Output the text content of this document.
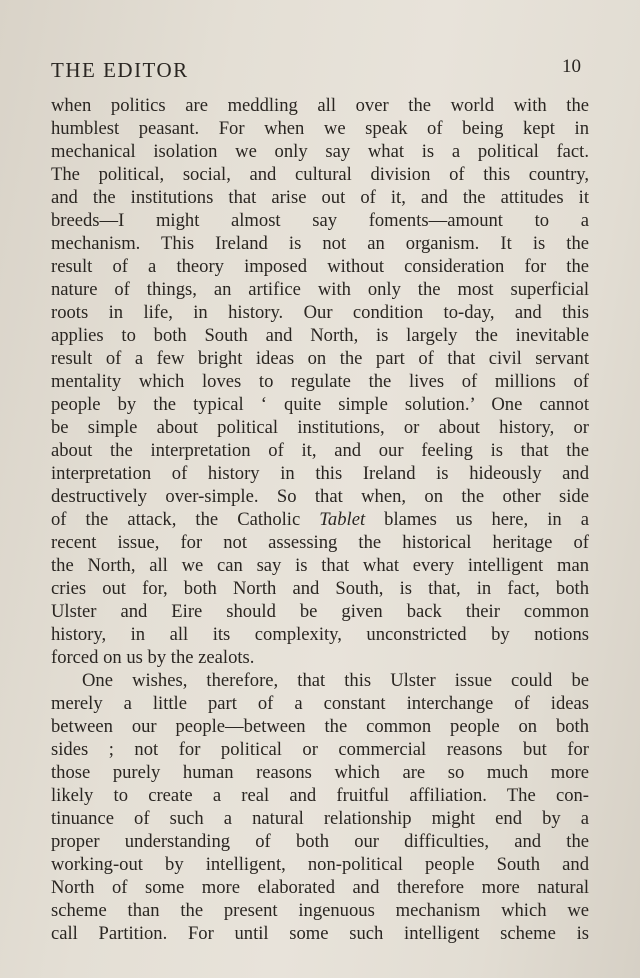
THE EDITOR	10
when politics are meddling all over the world with the
humblest peasant. For when we speak of being kept in
mechanical isolation we only say what is a political fact.
The political, social, and cultural division of this country,
and the institutions that arise out of it, and the attitudes it
breeds—I might almost say foments—amount to a
mechanism. This Ireland is not an organism. It is the
result of a theory imposed without consideration for the
nature of things, an artifice with only the most superficial
roots in life, in history. Our condition to-day, and this
applies to both South and North, is largely the inevitable
result of a few bright ideas on the part of that civil servant
mentality which loves to regulate the lives of millions of
people by the typical ‘ quite simple solution.’ One cannot
be simple about political institutions, or about history, or
about the interpretation of it, and our feeling is that the
interpretation of history in this Ireland is hideously and
destructively over-simple. So that when, on the other side
of the attack, the Catholic Tablet blames us here, in a
recent issue, for not assessing the historical heritage of
the North, all we can say is that what every intelligent man
cries out for, both North and South, is that, in fact, both
Ulster and Eire should be given back their common
history, in all its complexity, unconstricted by notions
forced on us by the zealots.
One wishes, therefore, that this Ulster issue could be
merely a little part of a constant interchange of ideas
between our people—between the common people on both
sides ; not for political or commercial reasons but for
those purely human reasons which are so much more
likely to create a real and fruitful affiliation. The con-
tinuance of such a natural relationship might end by a
proper understanding of both our difficulties, and the
working-out by intelligent, non-political people South and
North of some more elaborated and therefore more natural
scheme than the present ingenuous mechanism which we
call Partition. For until some such intelligent scheme is
